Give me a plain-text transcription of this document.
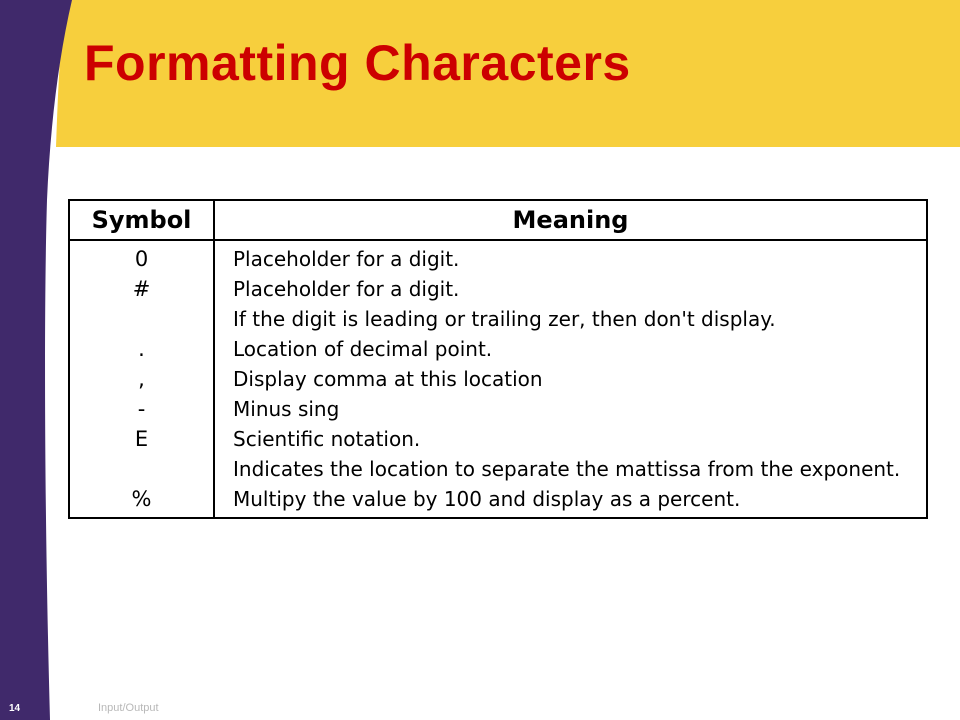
Formatting Characters
Symbol	Meaning
0	Placeholder for a digit.
#	Placeholder for a digit.
	If the digit is leading or trailing zer, then don't display.
.	Location of decimal point.
,	Display comma at this location
-	Minus sing
E	Scientific notation.
	Indicates the location to separate the mattissa from the exponent.
%	Multipy the value by 100 and display as a percent.
14	Input/Output
